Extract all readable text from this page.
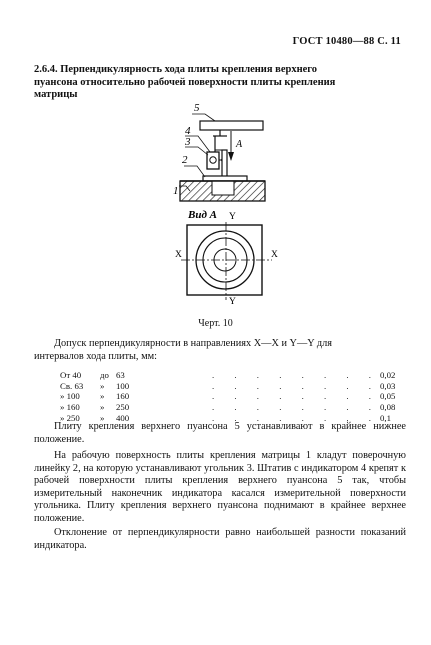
ГОСТ 10480—88 С. 11
2.6.4. Перпендикулярность хода плиты крепления верхнего
пуансона относительно рабочей поверхности плиты крепления
матрицы
5
4
3
2
1
A
Вид А Y
Y
X	X
Черт. 10
Допуск перпендикулярности в направлениях X—X и Y—Y для
интервалов хода плиты, мм:
От 40	до	63	. . . . . . . .	0,02
Св. 63	»	100	. . . . . . . .	0,03
» 100	»	160	. . . . . . . .	0,05
» 160	»	250	. . . . . . . .	0,08
» 250	»	400	. . . . . . . .	0,1
Плиту крепления верхнего пуансона 5 устанавливают в крайнее нижнее положение.
На рабочую поверхность плиты крепления матрицы 1 кладут поверочную линейку 2, на которую устанавливают угольник 3. Штатив с индикатором 4 крепят к рабочей поверхности плиты крепления верхнего пуансона 5 так, чтобы измерительный наконечник индикатора касался измерительной поверхности угольника. Плиту крепления верхнего пуансона поднимают в крайнее верхнее положение.
Отклонение от перпендикулярности равно наибольшей разности показаний индикатора.
